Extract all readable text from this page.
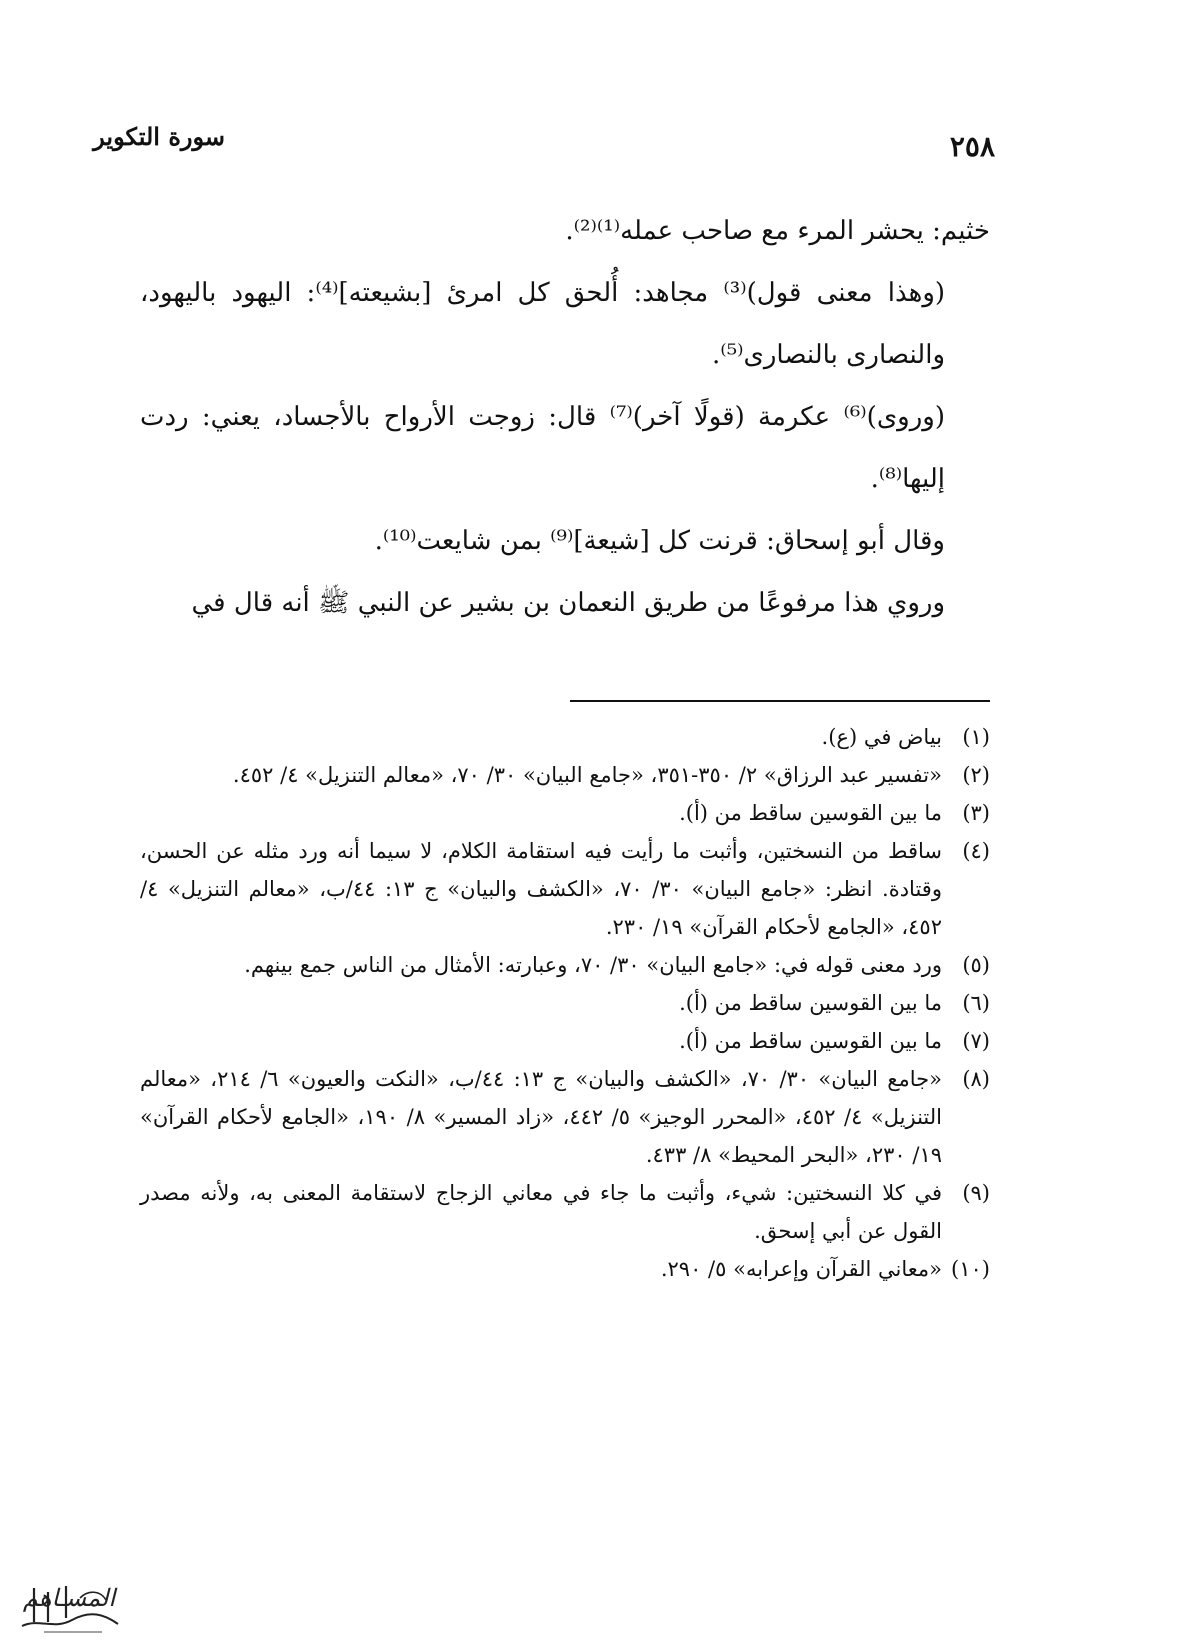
٢٥٨
سورة التكوير

خثيم: يحشر المرء مع صاحب عمله⁽¹⁾⁽²⁾.

(وهذا معنى قول)⁽³⁾ مجاهد: أُلحق كل امرئ [بشيعته]⁽⁴⁾: اليهود باليهود، والنصارى بالنصارى⁽⁵⁾.

(وروى)⁽⁶⁾ عكرمة (قولًا آخر)⁽⁷⁾ قال: زوجت الأرواح بالأجساد، يعني: ردت إليها⁽⁸⁾.

وقال أبو إسحاق: قرنت كل [شيعة]⁽⁹⁾ بمن شايعت⁽¹⁰⁾.

وروي هذا مرفوعًا من طريق النعمان بن بشير عن النبي ﷺ أنه قال في

(١)
بياض في (ع).
(٢)
«تفسير عبد الرزاق» ٢/ ٣٥٠-٣٥١، «جامع البيان» ٣٠/ ٧٠، «معالم التنزيل» ٤/ ٤٥٢.
(٣)
ما بين القوسين ساقط من (أ).
(٤)
ساقط من النسختين، وأثبت ما رأيت فيه استقامة الكلام، لا سيما أنه ورد مثله عن الحسن، وقتادة. انظر: «جامع البيان» ٣٠/ ٧٠، «الكشف والبيان» ج ١٣: ٤٤/ب، «معالم التنزيل» ٤/ ٤٥٢، «الجامع لأحكام القرآن» ١٩/ ٢٣٠.
(٥)
ورد معنى قوله في: «جامع البيان» ٣٠/ ٧٠، وعبارته: الأمثال من الناس جمع بينهم.
(٦)
ما بين القوسين ساقط من (أ).
(٧)
ما بين القوسين ساقط من (أ).
(٨)
«جامع البيان» ٣٠/ ٧٠، «الكشف والبيان» ج ١٣: ٤٤/ب، «النكت والعيون» ٦/ ٢١٤، «معالم التنزيل» ٤/ ٤٥٢، «المحرر الوجيز» ٥/ ٤٤٢، «زاد المسير» ٨/ ١٩٠، «الجامع لأحكام القرآن» ١٩/ ٢٣٠، «البحر المحيط» ٨/ ٤٣٣.
(٩)
في كلا النسختين: شيء، وأثبت ما جاء في معاني الزجاج لاستقامة المعنى به، ولأنه مصدر القول عن أبي إسحق.
(١٠)
«معاني القرآن وإعرابه» ٥/ ٢٩٠.
المسـاهم
